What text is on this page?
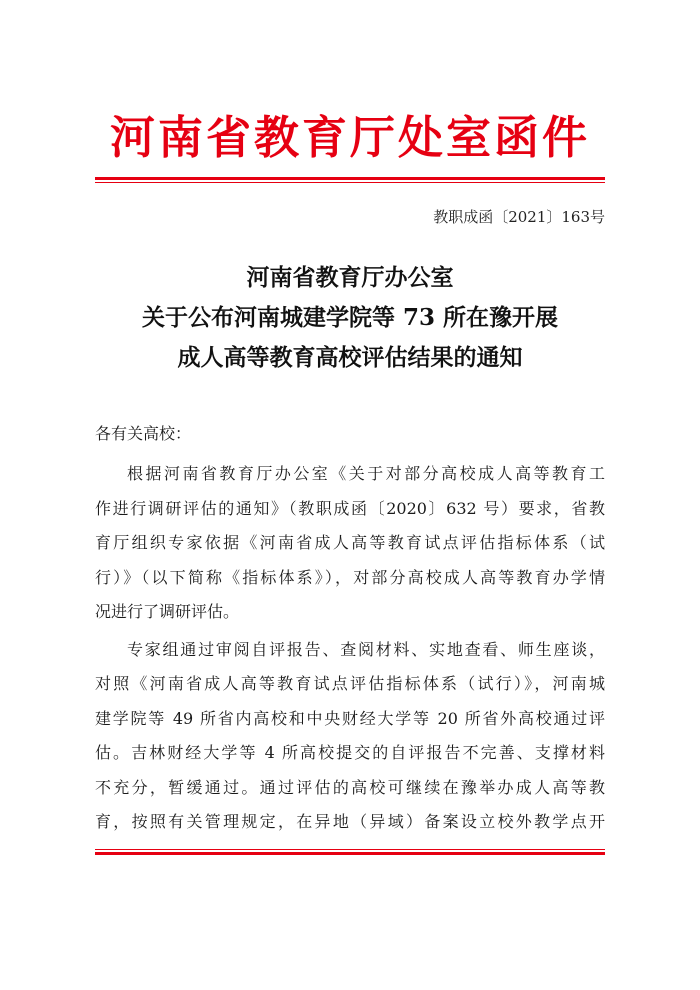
河南省教育厅处室函件
教职成函〔2021〕163号
河南省教育厅办公室
关于公布河南城建学院等 73 所在豫开展
成人高等教育高校评估结果的通知
各有关高校：
根据河南省教育厅办公室《关于对部分高校成人高等教育工
作进行调研评估的通知》（教职成函〔2020〕632 号）要求，省教
育厅组织专家依据《河南省成人高等教育试点评估指标体系（试
行）》（以下简称《指标体系》），对部分高校成人高等教育办学情
况进行了调研评估。
专家组通过审阅自评报告、查阅材料、实地查看、师生座谈，
对照《河南省成人高等教育试点评估指标体系（试行）》，河南城
建学院等 49 所省内高校和中央财经大学等 20 所省外高校通过评
估。吉林财经大学等 4 所高校提交的自评报告不完善、支撑材料
不充分，暂缓通过。通过评估的高校可继续在豫举办成人高等教
育，按照有关管理规定，在异地（异域）备案设立校外教学点开
